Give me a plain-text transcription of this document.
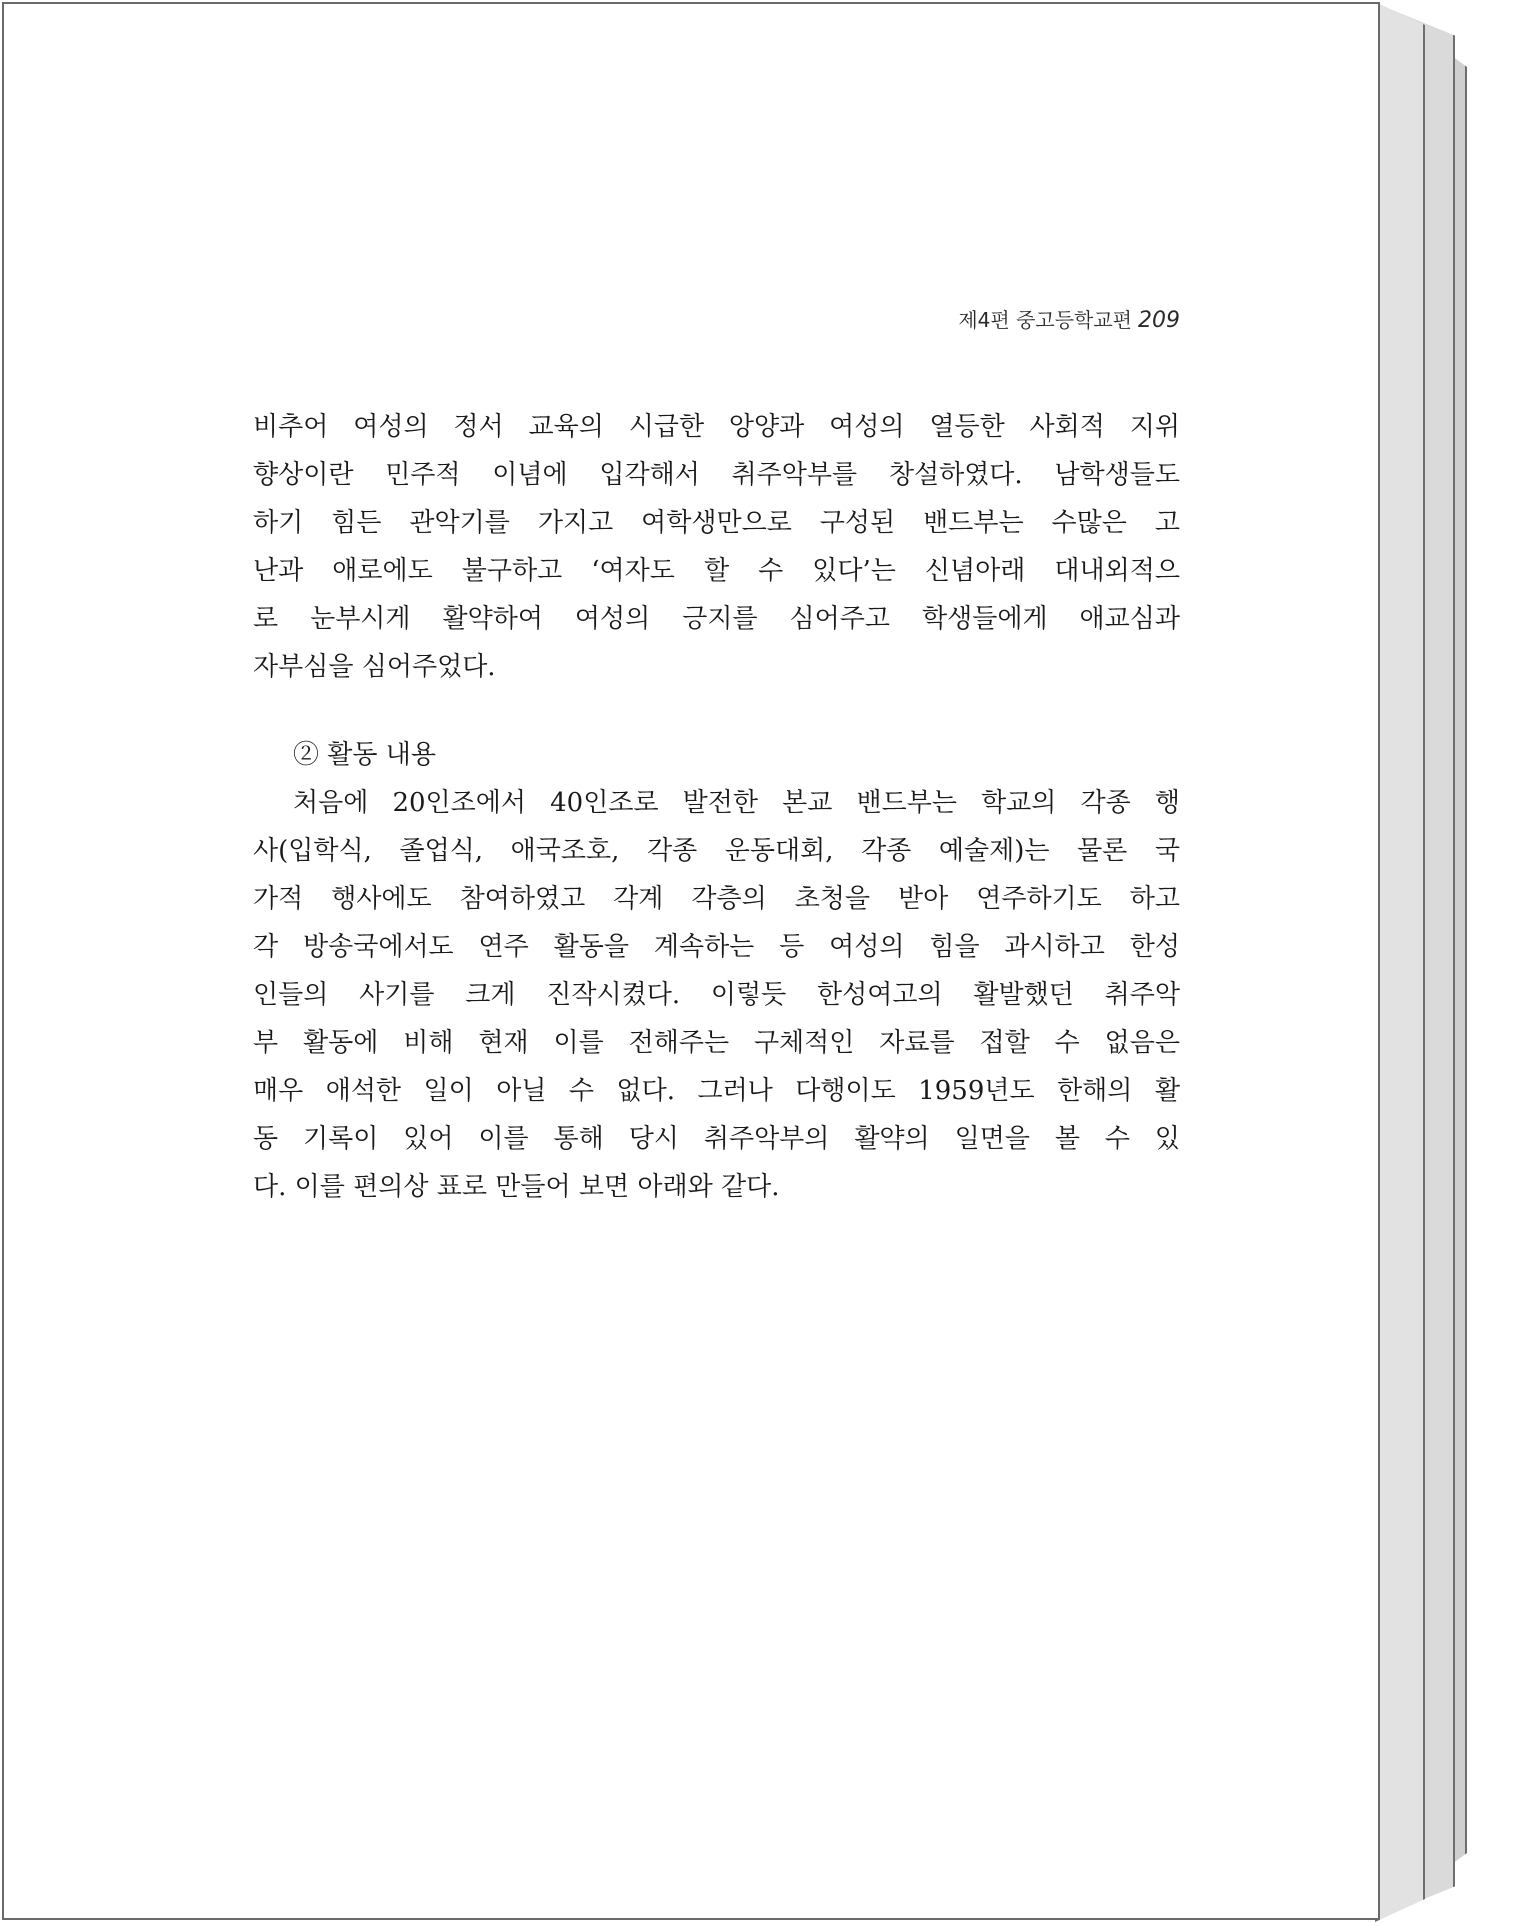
제4편 중고등학교편 209
비추어 여성의 정서 교육의 시급한 앙양과 여성의 열등한 사회적 지위
향상이란 민주적 이념에 입각해서 취주악부를 창설하였다. 남학생들도
하기 힘든 관악기를 가지고 여학생만으로 구성된 밴드부는 수많은 고
난과 애로에도 불구하고 ‘여자도 할 수 있다’는 신념아래 대내외적으
로 눈부시게 활약하여 여성의 긍지를 심어주고 학생들에게 애교심과
자부심을 심어주었다.
② 활동 내용
처음에 20인조에서 40인조로 발전한 본교 밴드부는 학교의 각종 행
사(입학식, 졸업식, 애국조호, 각종 운동대회, 각종 예술제)는 물론 국
가적 행사에도 참여하였고 각계 각층의 초청을 받아 연주하기도 하고
각 방송국에서도 연주 활동을 계속하는 등 여성의 힘을 과시하고 한성
인들의 사기를 크게 진작시켰다. 이렇듯 한성여고의 활발했던 취주악
부 활동에 비해 현재 이를 전해주는 구체적인 자료를 접할 수 없음은
매우 애석한 일이 아닐 수 없다. 그러나 다행이도 1959년도 한해의 활
동 기록이 있어 이를 통해 당시 취주악부의 활약의 일면을 볼 수 있
다. 이를 편의상 표로 만들어 보면 아래와 같다.
